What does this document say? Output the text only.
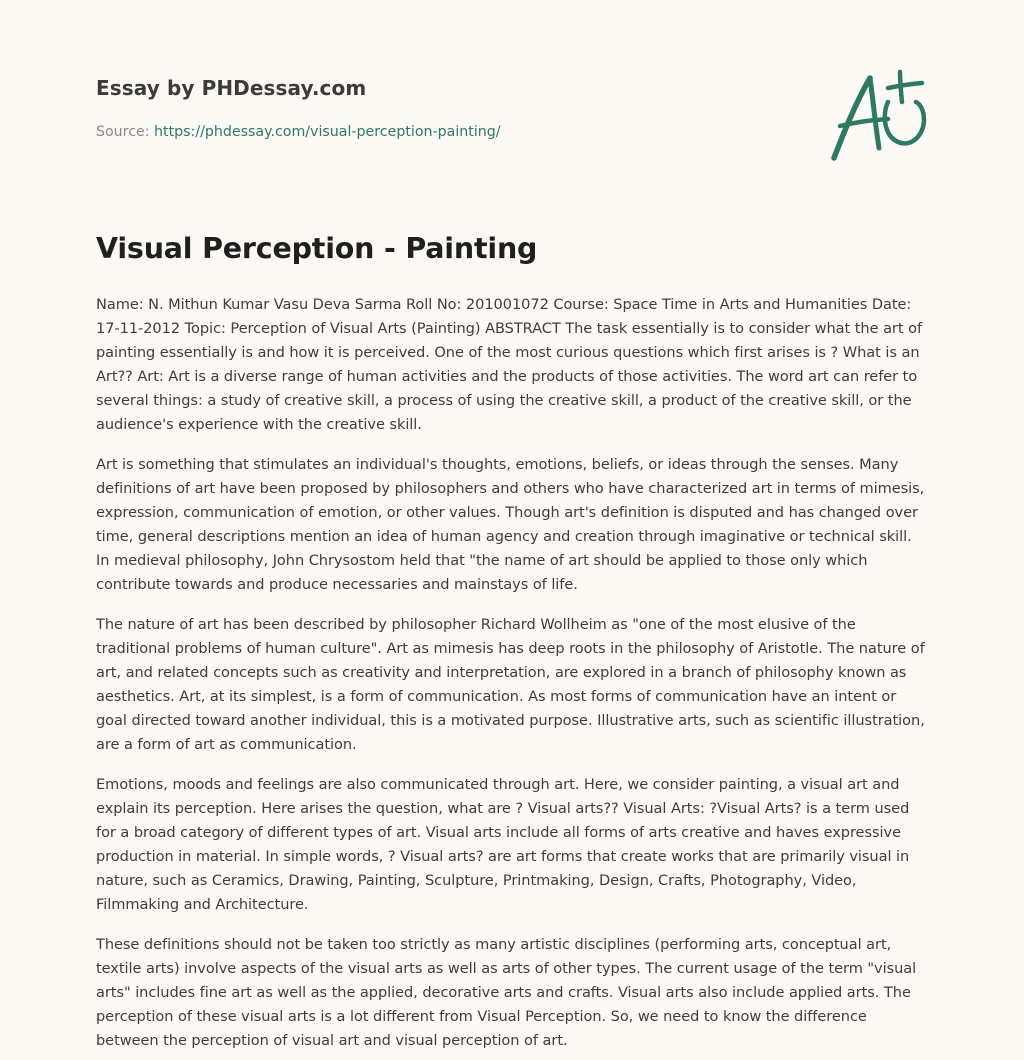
Essay by PHDessay.com
Source: https://phdessay.com/visual-perception-painting/
Visual Perception - Painting

Name: N. Mithun Kumar Vasu Deva Sarma Roll No: 201001072 Course: Space Time in Arts and Humanities Date: 17-11-2012 Topic: Perception of Visual Arts (Painting) ABSTRACT The task essentially is to consider what the art of painting essentially is and how it is perceived. One of the most curious questions which first arises is ? What is an Art?? Art: Art is a diverse range of human activities and the products of those activities. The word art can refer to several things: a study of creative skill, a process of using the creative skill, a product of the creative skill, or the audience's experience with the creative skill.

Art is something that stimulates an individual's thoughts, emotions, beliefs, or ideas through the senses. Many definitions of art have been proposed by philosophers and others who have characterized art in terms of mimesis, expression, communication of emotion, or other values. Though art's definition is disputed and has changed over time, general descriptions mention an idea of human agency and creation through imaginative or technical skill. In medieval philosophy, John Chrysostom held that "the name of art should be applied to those only which contribute towards and produce necessaries and mainstays of life.

The nature of art has been described by philosopher Richard Wollheim as "one of the most elusive of the traditional problems of human culture". Art as mimesis has deep roots in the philosophy of Aristotle. The nature of art, and related concepts such as creativity and interpretation, are explored in a branch of philosophy known as aesthetics. Art, at its simplest, is a form of communication. As most forms of communication have an intent or goal directed toward another individual, this is a motivated purpose. Illustrative arts, such as scientific illustration, are a form of art as communication.

Emotions, moods and feelings are also communicated through art. Here, we consider painting, a visual art and explain its perception. Here arises the question, what are ? Visual arts?? Visual Arts: ?Visual Arts? is a term used for a broad category of different types of art. Visual arts include all forms of arts creative and haves expressive production in material. In simple words, ? Visual arts? are art forms that create works that are primarily visual in nature, such as Ceramics, Drawing, Painting, Sculpture, Printmaking, Design, Crafts, Photography, Video, Filmmaking and Architecture.

These definitions should not be taken too strictly as many artistic disciplines (performing arts, conceptual art, textile arts) involve aspects of the visual arts as well as arts of other types. The current usage of the term "visual arts" includes fine art as well as the applied, decorative arts and crafts. Visual arts also include applied arts. The perception of these visual arts is a lot different from Visual Perception. So, we need to know the difference between the perception of visual art and visual perception of art.
